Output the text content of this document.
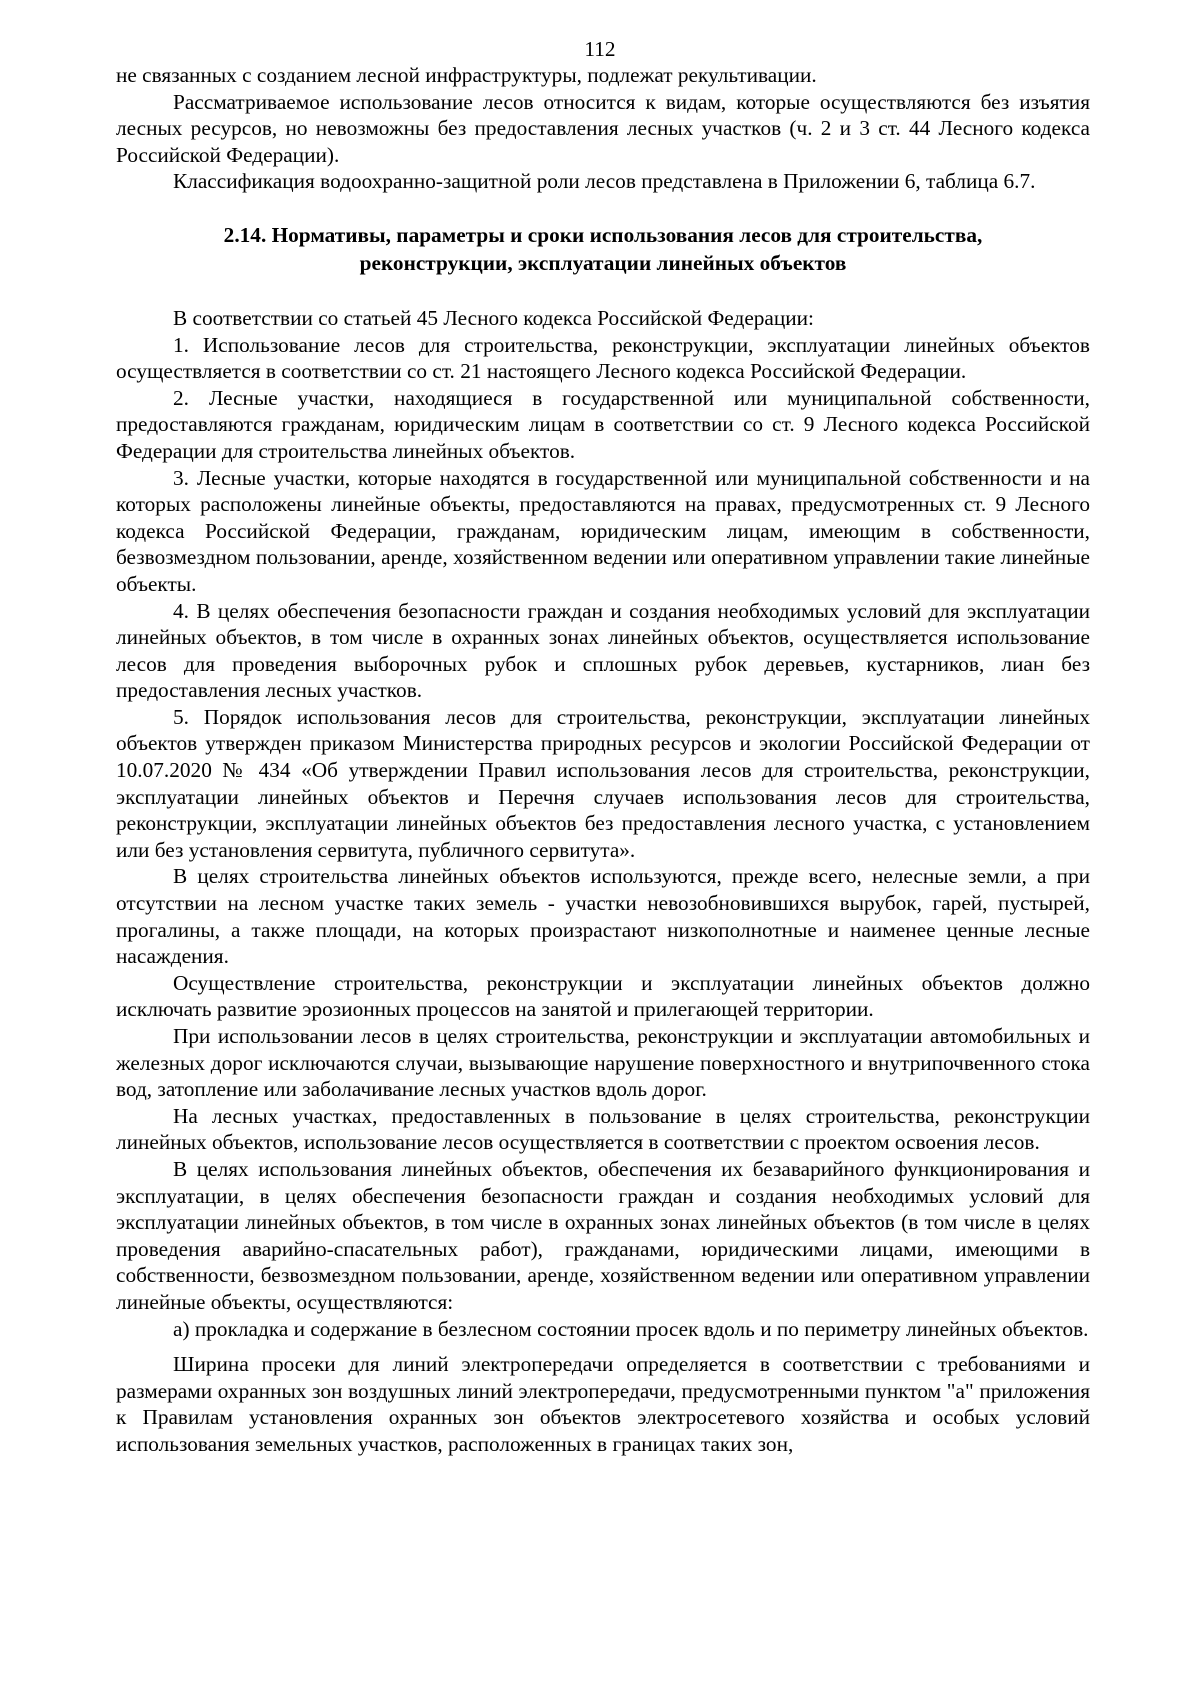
112

не связанных с созданием лесной инфраструктуры, подлежат рекультивации.

Рассматриваемое использование лесов относится к видам, которые осуществляются без изъятия лесных ресурсов, но невозможны без предоставления лесных участков (ч. 2 и 3 ст. 44 Лесного кодекса Российской Федерации).

Классификация водоохранно-защитной роли лесов представлена в Приложении 6, таблица 6.7.

2.14. Нормативы, параметры и сроки использования лесов для строительства,

реконструкции, эксплуатации линейных объектов

В соответствии со статьей 45 Лесного кодекса Российской Федерации:

1. Использование лесов для строительства, реконструкции, эксплуатации линейных объектов осуществляется в соответствии со ст. 21 настоящего Лесного кодекса Российской Федерации.

2. Лесные участки, находящиеся в государственной или муниципальной собственности, предоставляются гражданам, юридическим лицам в соответствии со ст. 9 Лесного кодекса Российской Федерации для строительства линейных объектов.

3. Лесные участки, которые находятся в государственной или муниципальной собственности и на которых расположены линейные объекты, предоставляются на правах, предусмотренных ст. 9 Лесного кодекса Российской Федерации, гражданам, юридическим лицам, имеющим в собственности, безвозмездном пользовании, аренде, хозяйственном ведении или оперативном управлении такие линейные объекты.

4. В целях обеспечения безопасности граждан и создания необходимых условий для эксплуатации линейных объектов, в том числе в охранных зонах линейных объектов, осуществляется использование лесов для проведения выборочных рубок и сплошных рубок деревьев, кустарников, лиан без предоставления лесных участков.

5. Порядок использования лесов для строительства, реконструкции, эксплуатации линейных объектов утвержден приказом Министерства природных ресурсов и экологии Российской Федерации от 10.07.2020 № 434 «Об утверждении Правил использования лесов для строительства, реконструкции, эксплуатации линейных объектов и Перечня случаев использования лесов для строительства, реконструкции, эксплуатации линейных объектов без предоставления лесного участка, с установлением или без установления сервитута, публичного сервитута».

В целях строительства линейных объектов используются, прежде всего, нелесные земли, а при отсутствии на лесном участке таких земель - участки невозобновившихся вырубок, гарей, пустырей, прогалины, а также площади, на которых произрастают низкополнотные и наименее ценные лесные насаждения.

Осуществление строительства, реконструкции и эксплуатации линейных объектов должно исключать развитие эрозионных процессов на занятой и прилегающей территории.

При использовании лесов в целях строительства, реконструкции и эксплуатации автомобильных и железных дорог исключаются случаи, вызывающие нарушение поверхностного и внутрипочвенного стока вод, затопление или заболачивание лесных участков вдоль дорог.

На лесных участках, предоставленных в пользование в целях строительства, реконструкции линейных объектов, использование лесов осуществляется в соответствии с проектом освоения лесов.

В целях использования линейных объектов, обеспечения их безаварийного функционирования и эксплуатации, в целях обеспечения безопасности граждан и создания необходимых условий для эксплуатации линейных объектов, в том числе в охранных зонах линейных объектов (в том числе в целях проведения аварийно-спасательных работ), гражданами, юридическими лицами, имеющими в собственности, безвозмездном пользовании, аренде, хозяйственном ведении или оперативном управлении линейные объекты, осуществляются:

а) прокладка и содержание в безлесном состоянии просек вдоль и по периметру линейных объектов.

Ширина просеки для линий электропередачи определяется в соответствии с требованиями и размерами охранных зон воздушных линий электропередачи, предусмотренными пунктом "а" приложения к Правилам установления охранных зон объектов электросетевого хозяйства и особых условий использования земельных участков, расположенных в границах таких зон,
